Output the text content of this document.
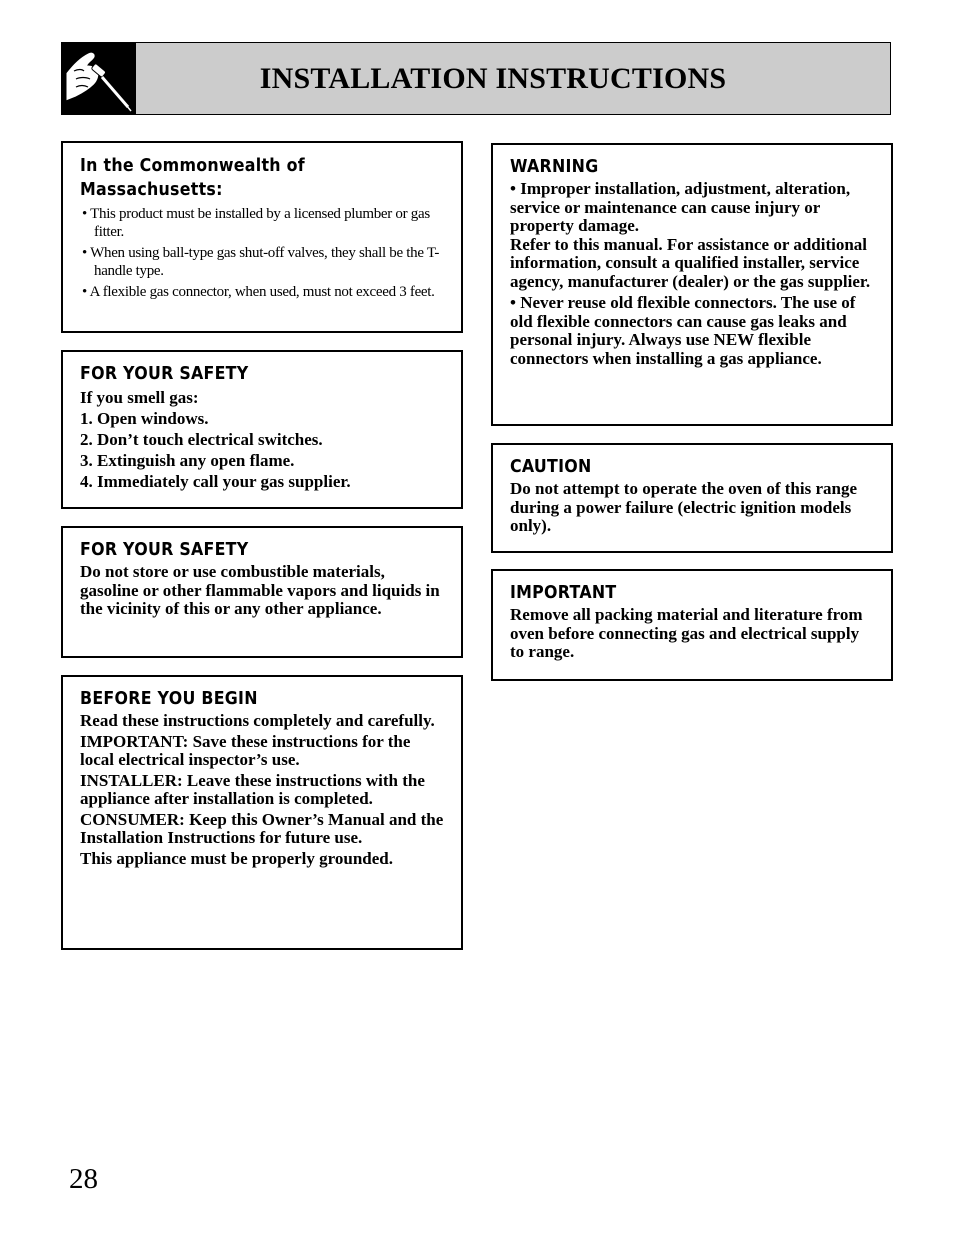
INSTALLATION INSTRUCTIONS
In the Commonwealth of
Massachusetts:
• This product must be installed by a licensed plumber or gas fitter.
• When using ball-type gas shut-off valves, they shall be the T-handle type.
• A flexible gas connector, when used, must not exceed 3 feet.
FOR YOUR SAFETY
If you smell gas:
1. Open windows.
2. Don’t touch electrical switches.
3. Extinguish any open flame.
4. Immediately call your gas supplier.
FOR YOUR SAFETY
Do not store or use combustible materials, gasoline or other flammable vapors and liquids in the vicinity of this or any other appliance.
BEFORE YOU BEGIN
Read these instructions completely and carefully.
IMPORTANT: Save these instructions for the local electrical inspector’s use.
INSTALLER: Leave these instructions with the appliance after installation is completed.
CONSUMER: Keep this Owner’s Manual and the Installation Instructions for future use.
This appliance must be properly grounded.
WARNING
• Improper installation, adjustment, alteration, service or maintenance can cause injury or property damage.
Refer to this manual. For assistance or additional information, consult a qualified installer, service agency, manufacturer (dealer) or the gas supplier.
• Never reuse old flexible connectors. The use of old flexible connectors can cause gas leaks and personal injury. Always use NEW flexible connectors when installing a gas appliance.
CAUTION
Do not attempt to operate the oven of this range during a power failure (electric ignition models only).
IMPORTANT
Remove all packing material and literature from oven before connecting gas and electrical supply to range.
28
